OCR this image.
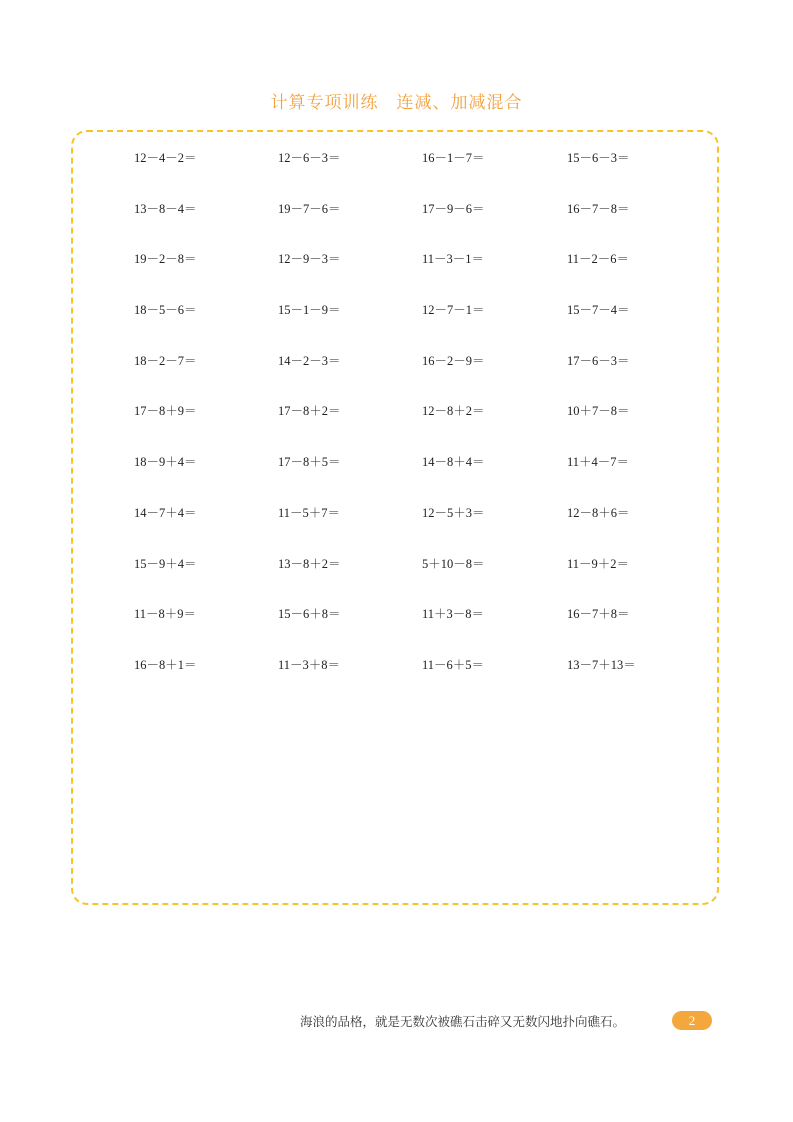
计算专项训练　连减、加减混合
12－4－2＝	12－6－3＝	16－1－7＝	15－6－3＝
13－8－4＝	19－7－6＝	17－9－6＝	16－7－8＝
19－2－8＝	12－9－3＝	11－3－1＝	11－2－6＝
18－5－6＝	15－1－9＝	12－7－1＝	15－7－4＝
18－2－7＝	14－2－3＝	16－2－9＝	17－6－3＝
17－8＋9＝	17－8＋2＝	12－8＋2＝	10＋7－8＝
18－9＋4＝	17－8＋5＝	14－8＋4＝	11＋4－7＝
14－7＋4＝	11－5＋7＝	12－5＋3＝	12－8＋6＝
15－9＋4＝	13－8＋2＝	5＋10－8＝	11－9＋2＝
11－8＋9＝	15－6＋8＝	11＋3－8＝	16－7＋8＝
16－8＋1＝	11－3＋8＝	11－6＋5＝	13－7＋13＝
海浪的品格，就是无数次被礁石击碎又无数闪地扑向礁石。	2
